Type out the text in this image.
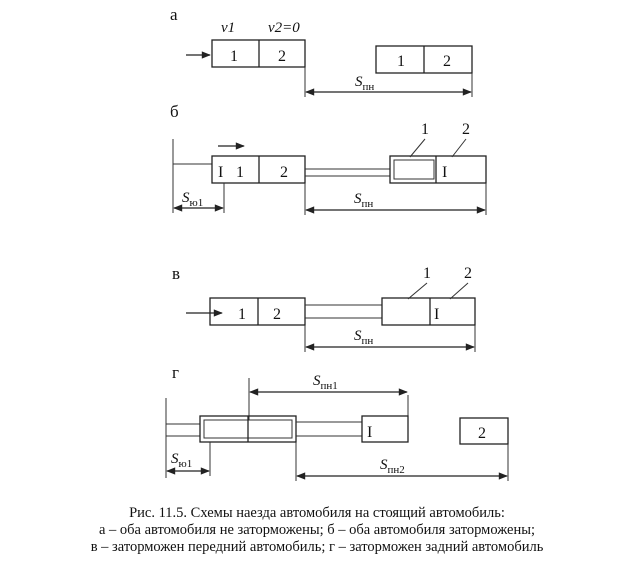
а
v1 v2=0
1	2	1 2
$S_{пн}$
б
I 1 2	I
1 2
$S_{ю1}$	$S_{пн}$
в
1 2	I
1 2
$S_{пн}$
г	$S_{пн1}$
I	2
$S_{ю1}$	$S_{пн2}$
Рис. 11.5. Схемы наезда автомобиля на стоящий автомобиль:
а – оба автомобиля не заторможены; б – оба автомобиля заторможены;
в – заторможен передний автомобиль; г – заторможен задний автомобиль
